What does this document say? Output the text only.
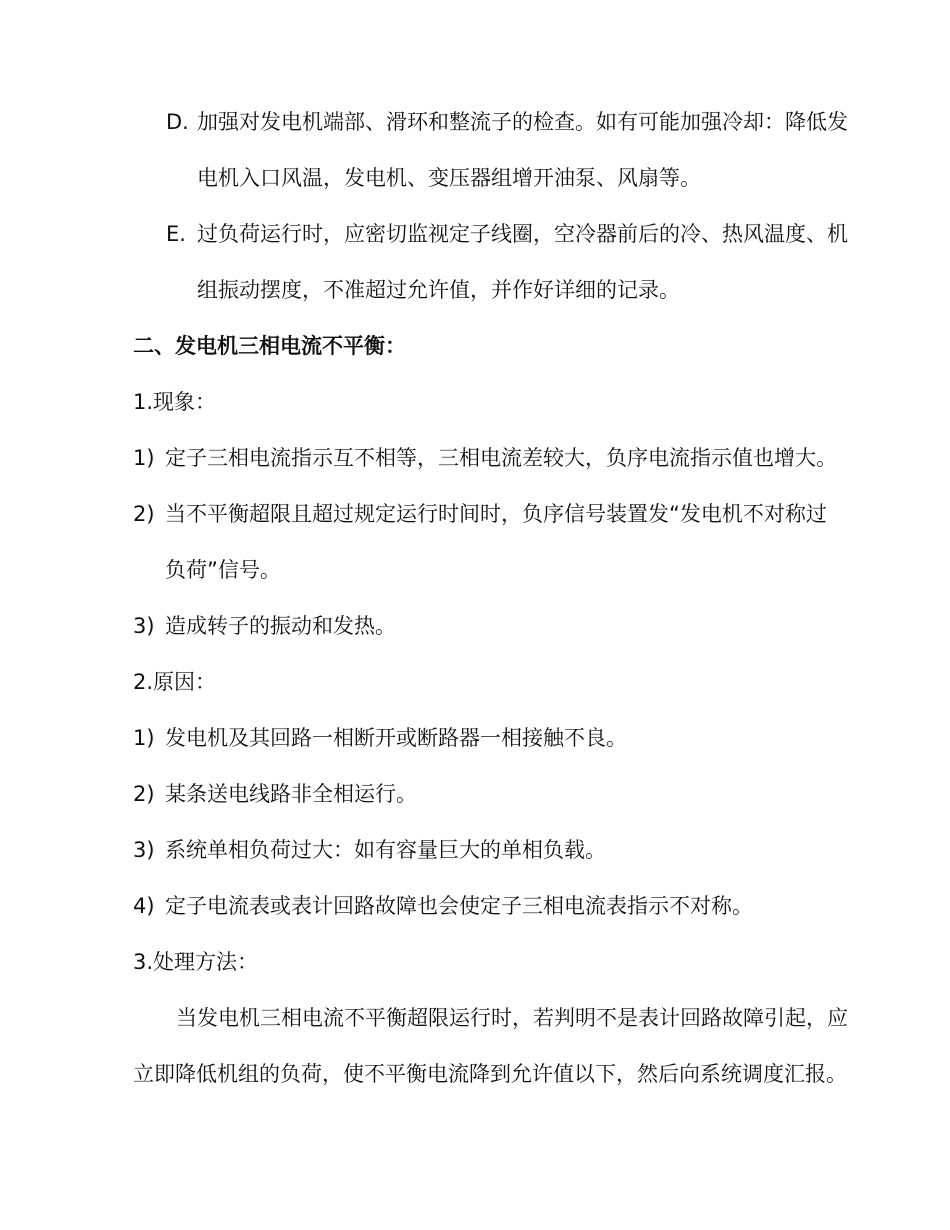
D. 加强对发电机端部、滑环和整流子的检查。如有可能加强冷却：降低发
电机入口风温，发电机、变压器组增开油泵、风扇等。
E. 过负荷运行时，应密切监视定子线圈，空冷器前后的冷、热风温度、机
组振动摆度，不准超过允许值，并作好详细的记录。
二、发电机三相电流不平衡：
1.现象：
1) 定子三相电流指示互不相等，三相电流差较大，负序电流指示值也增大。
2) 当不平衡超限且超过规定运行时间时，负序信号装置发“发电机不对称过
负荷”信号。
3) 造成转子的振动和发热。
2.原因：
1) 发电机及其回路一相断开或断路器一相接触不良。
2) 某条送电线路非全相运行。
3) 系统单相负荷过大：如有容量巨大的单相负载。
4) 定子电流表或表计回路故障也会使定子三相电流表指示不对称。
3.处理方法：
当发电机三相电流不平衡超限运行时，若判明不是表计回路故障引起，应
立即降低机组的负荷，使不平衡电流降到允许值以下，然后向系统调度汇报。
